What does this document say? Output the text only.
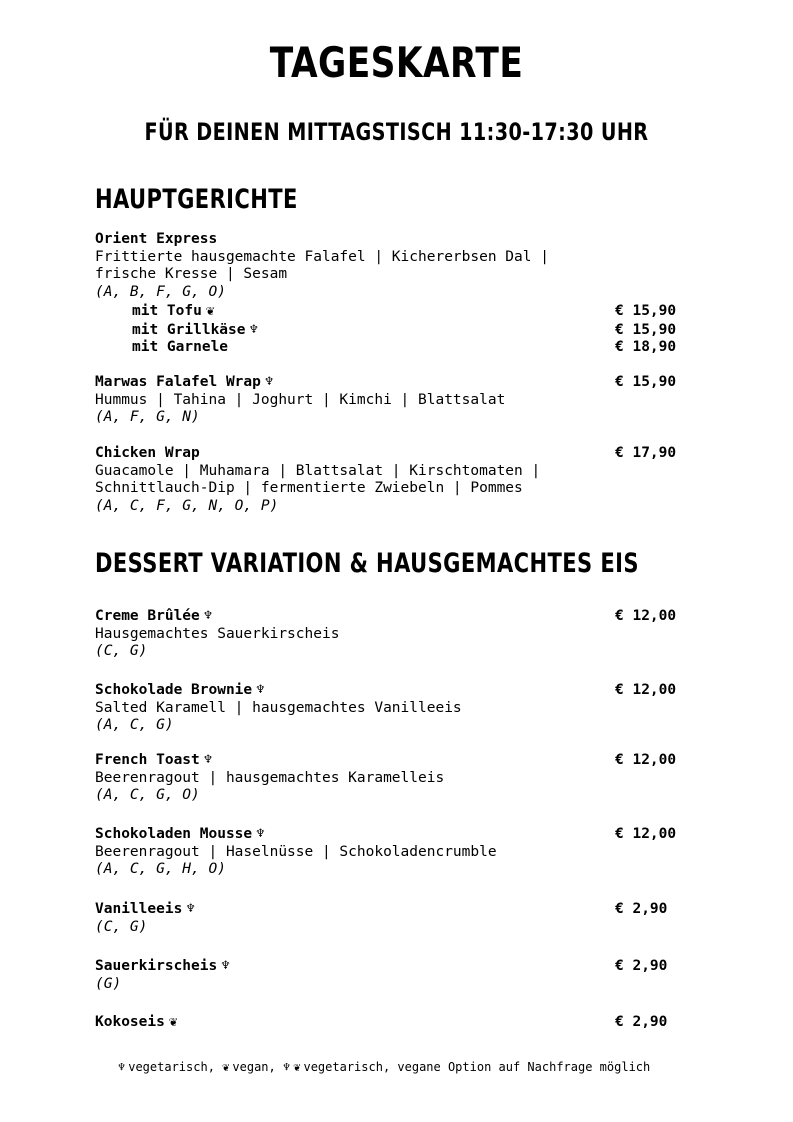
TAGESKARTE
FÜR DEINEN MITTAGSTISCH 11:30-17:30 UHR
HAUPTGERICHTE
Orient Express
Frittierte hausgemachte Falafel | Kichererbsen Dal |
frische Kresse | Sesam
(A, B, F, G, O)
mit Tofu ❦	€ 15,90
mit Grillkäse ♆	€ 15,90
mit Garnele	€ 18,90
Marwas Falafel Wrap ♆	€ 15,90
Hummus | Tahina | Joghurt | Kimchi | Blattsalat
(A, F, G, N)
Chicken Wrap	€ 17,90
Guacamole | Muhamara | Blattsalat | Kirschtomaten |
Schnittlauch-Dip | fermentierte Zwiebeln | Pommes
(A, C, F, G, N, O, P)
DESSERT VARIATION & HAUSGEMACHTES EIS
Creme Brûlée ♆	€ 12,00
Hausgemachtes Sauerkirscheis
(C, G)
Schokolade Brownie ♆	€ 12,00
Salted Karamell | hausgemachtes Vanilleeis
(A, C, G)
French Toast ♆	€ 12,00
Beerenragout | hausgemachtes Karamelleis
(A, C, G, O)
Schokoladen Mousse ♆	€ 12,00
Beerenragout | Haselnüsse | Schokoladencrumble
(A, C, G, H, O)
Vanilleeis ♆	€ 2,90
(C, G)
Sauerkirscheis ♆	€ 2,90
(G)
Kokoseis ❦	€ 2,90
♆ vegetarisch, ❦ vegan, ♆ ❦ vegetarisch, vegane Option auf Nachfrage möglich
